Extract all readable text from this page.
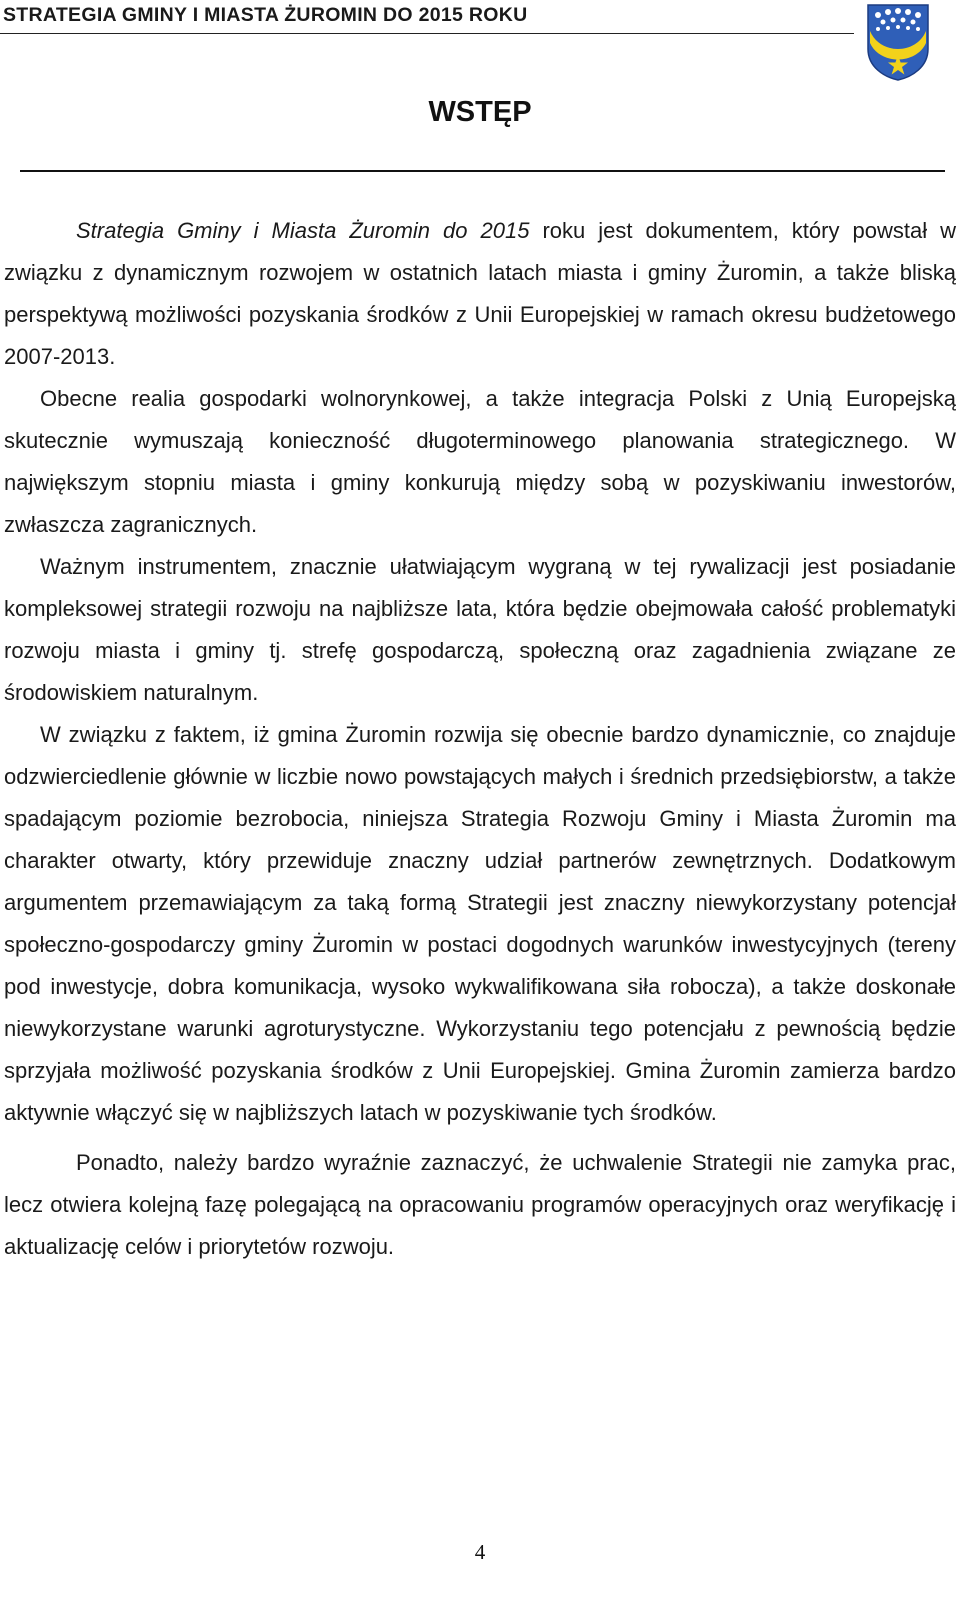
STRATEGIA GMINY I MIASTA ŻUROMIN DO 2015 ROKU
WSTĘP

Strategia Gminy i Miasta Żuromin do 2015 roku jest dokumentem, który powstał w związku z dynamicznym rozwojem w ostatnich latach miasta i gminy Żuromin, a także bliską perspektywą możliwości pozyskania środków z Unii Europejskiej w ramach okresu budżetowego 2007-2013.

Obecne realia gospodarki wolnorynkowej, a także integracja Polski z Unią Europejską skutecznie wymuszają konieczność długoterminowego planowania strategicznego. W największym stopniu miasta i gminy konkurują między sobą w pozyskiwaniu inwestorów, zwłaszcza zagranicznych.

Ważnym instrumentem, znacznie ułatwiającym wygraną w tej rywalizacji jest posiadanie kompleksowej strategii rozwoju na najbliższe lata, która będzie obejmowała całość problematyki rozwoju miasta i gminy tj. strefę gospodarczą, społeczną oraz zagadnienia związane ze środowiskiem naturalnym.

W związku z faktem, iż gmina Żuromin rozwija się obecnie bardzo dynamicznie, co znajduje odzwierciedlenie głównie w liczbie nowo powstających małych i średnich przedsiębiorstw, a także spadającym poziomie bezrobocia, niniejsza Strategia Rozwoju Gminy i Miasta Żuromin ma charakter otwarty, który przewiduje znaczny udział partnerów zewnętrznych. Dodatkowym argumentem przemawiającym za taką formą Strategii jest znaczny niewykorzystany potencjał społeczno-gospodarczy gminy Żuromin w postaci dogodnych warunków inwestycyjnych (tereny pod inwestycje, dobra komunikacja, wysoko wykwalifikowana siła robocza), a także doskonałe niewykorzystane warunki agroturystyczne. Wykorzystaniu tego potencjału z pewnością będzie sprzyjała możliwość pozyskania środków z Unii Europejskiej. Gmina Żuromin zamierza bardzo aktywnie włączyć się w najbliższych latach w pozyskiwanie tych środków.

Ponadto, należy bardzo wyraźnie zaznaczyć, że uchwalenie Strategii nie zamyka prac, lecz otwiera kolejną fazę polegającą na opracowaniu programów operacyjnych oraz weryfikację i aktualizację celów i priorytetów rozwoju.

4
